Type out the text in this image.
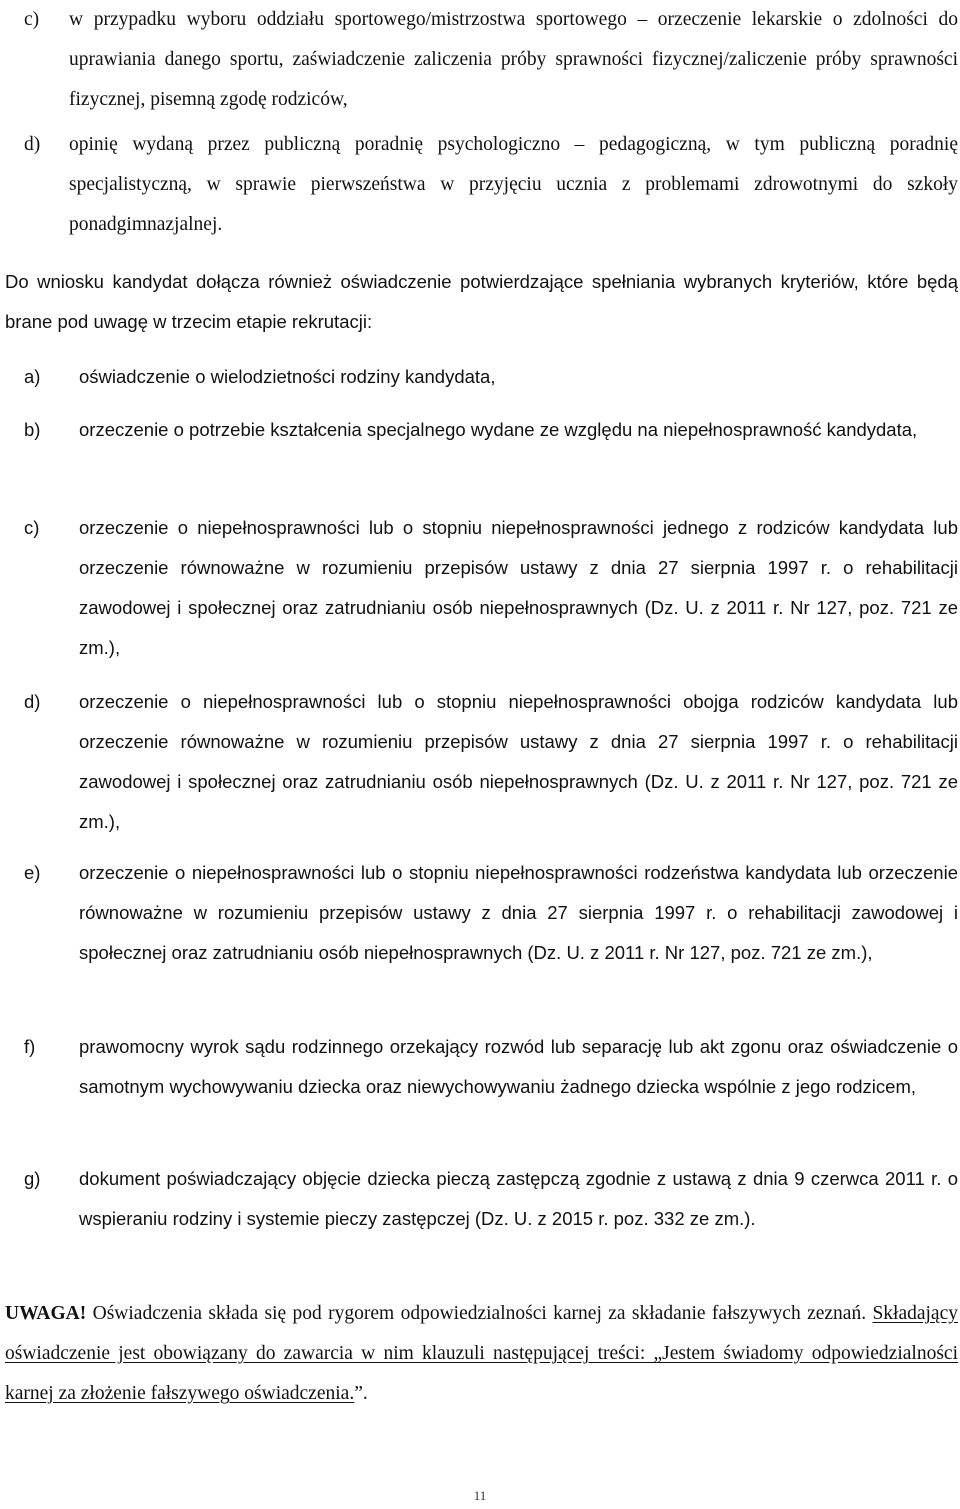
c)	w przypadku wyboru oddziału sportowego/mistrzostwa sportowego – orzeczenie lekarskie o zdolności do uprawiania danego sportu, zaświadczenie zaliczenia próby sprawności fizycznej/zaliczenie próby sprawności fizycznej, pisemną zgodę rodziców,
d)	opinię wydaną przez publiczną poradnię psychologiczno – pedagogiczną, w tym publiczną poradnię specjalistyczną, w sprawie pierwszeństwa w przyjęciu ucznia z problemami zdrowotnymi do szkoły ponadgimnazjalnej.

Do wniosku kandydat dołącza również oświadczenie potwierdzające spełniania wybranych kryteriów, które będą brane pod uwagę w trzecim etapie rekrutacji:

a)	oświadczenie o wielodzietności rodziny kandydata,
b)	orzeczenie o potrzebie kształcenia specjalnego wydane ze względu na niepełnosprawność kandydata,
c)	orzeczenie o niepełnosprawności lub o stopniu niepełnosprawności jednego z rodziców kandydata lub orzeczenie równoważne w rozumieniu przepisów ustawy z dnia 27 sierpnia 1997 r. o rehabilitacji zawodowej i społecznej oraz zatrudnianiu osób niepełnosprawnych (Dz. U. z 2011 r. Nr 127, poz. 721 ze zm.),
d)	orzeczenie o niepełnosprawności lub o stopniu niepełnosprawności obojga rodziców kandydata lub orzeczenie równoważne w rozumieniu przepisów ustawy z dnia 27 sierpnia 1997 r. o rehabilitacji zawodowej i społecznej oraz zatrudnianiu osób niepełnosprawnych (Dz. U. z 2011 r. Nr 127, poz. 721 ze zm.),
e)	orzeczenie o niepełnosprawności lub o stopniu niepełnosprawności rodzeństwa kandydata lub orzeczenie równoważne w rozumieniu przepisów ustawy z dnia 27 sierpnia 1997 r. o rehabilitacji zawodowej i społecznej oraz zatrudnianiu osób niepełnosprawnych (Dz. U. z 2011 r. Nr 127, poz. 721 ze zm.),
f)	prawomocny wyrok sądu rodzinnego orzekający rozwód lub separację lub akt zgonu oraz oświadczenie o samotnym wychowywaniu dziecka oraz niewychowywaniu żadnego dziecka wspólnie z jego rodzicem,
g)	dokument poświadczający objęcie dziecka pieczą zastępczą zgodnie z ustawą z dnia 9 czerwca 2011 r. o wspieraniu rodziny i systemie pieczy zastępczej (Dz. U. z 2015 r. poz. 332 ze zm.).

UWAGA! Oświadczenia składa się pod rygorem odpowiedzialności karnej za składanie fałszywych zeznań. Składający oświadczenie jest obowiązany do zawarcia w nim klauzuli następującej treści: „Jestem świadomy odpowiedzialności karnej za złożenie fałszywego oświadczenia.”.

11
